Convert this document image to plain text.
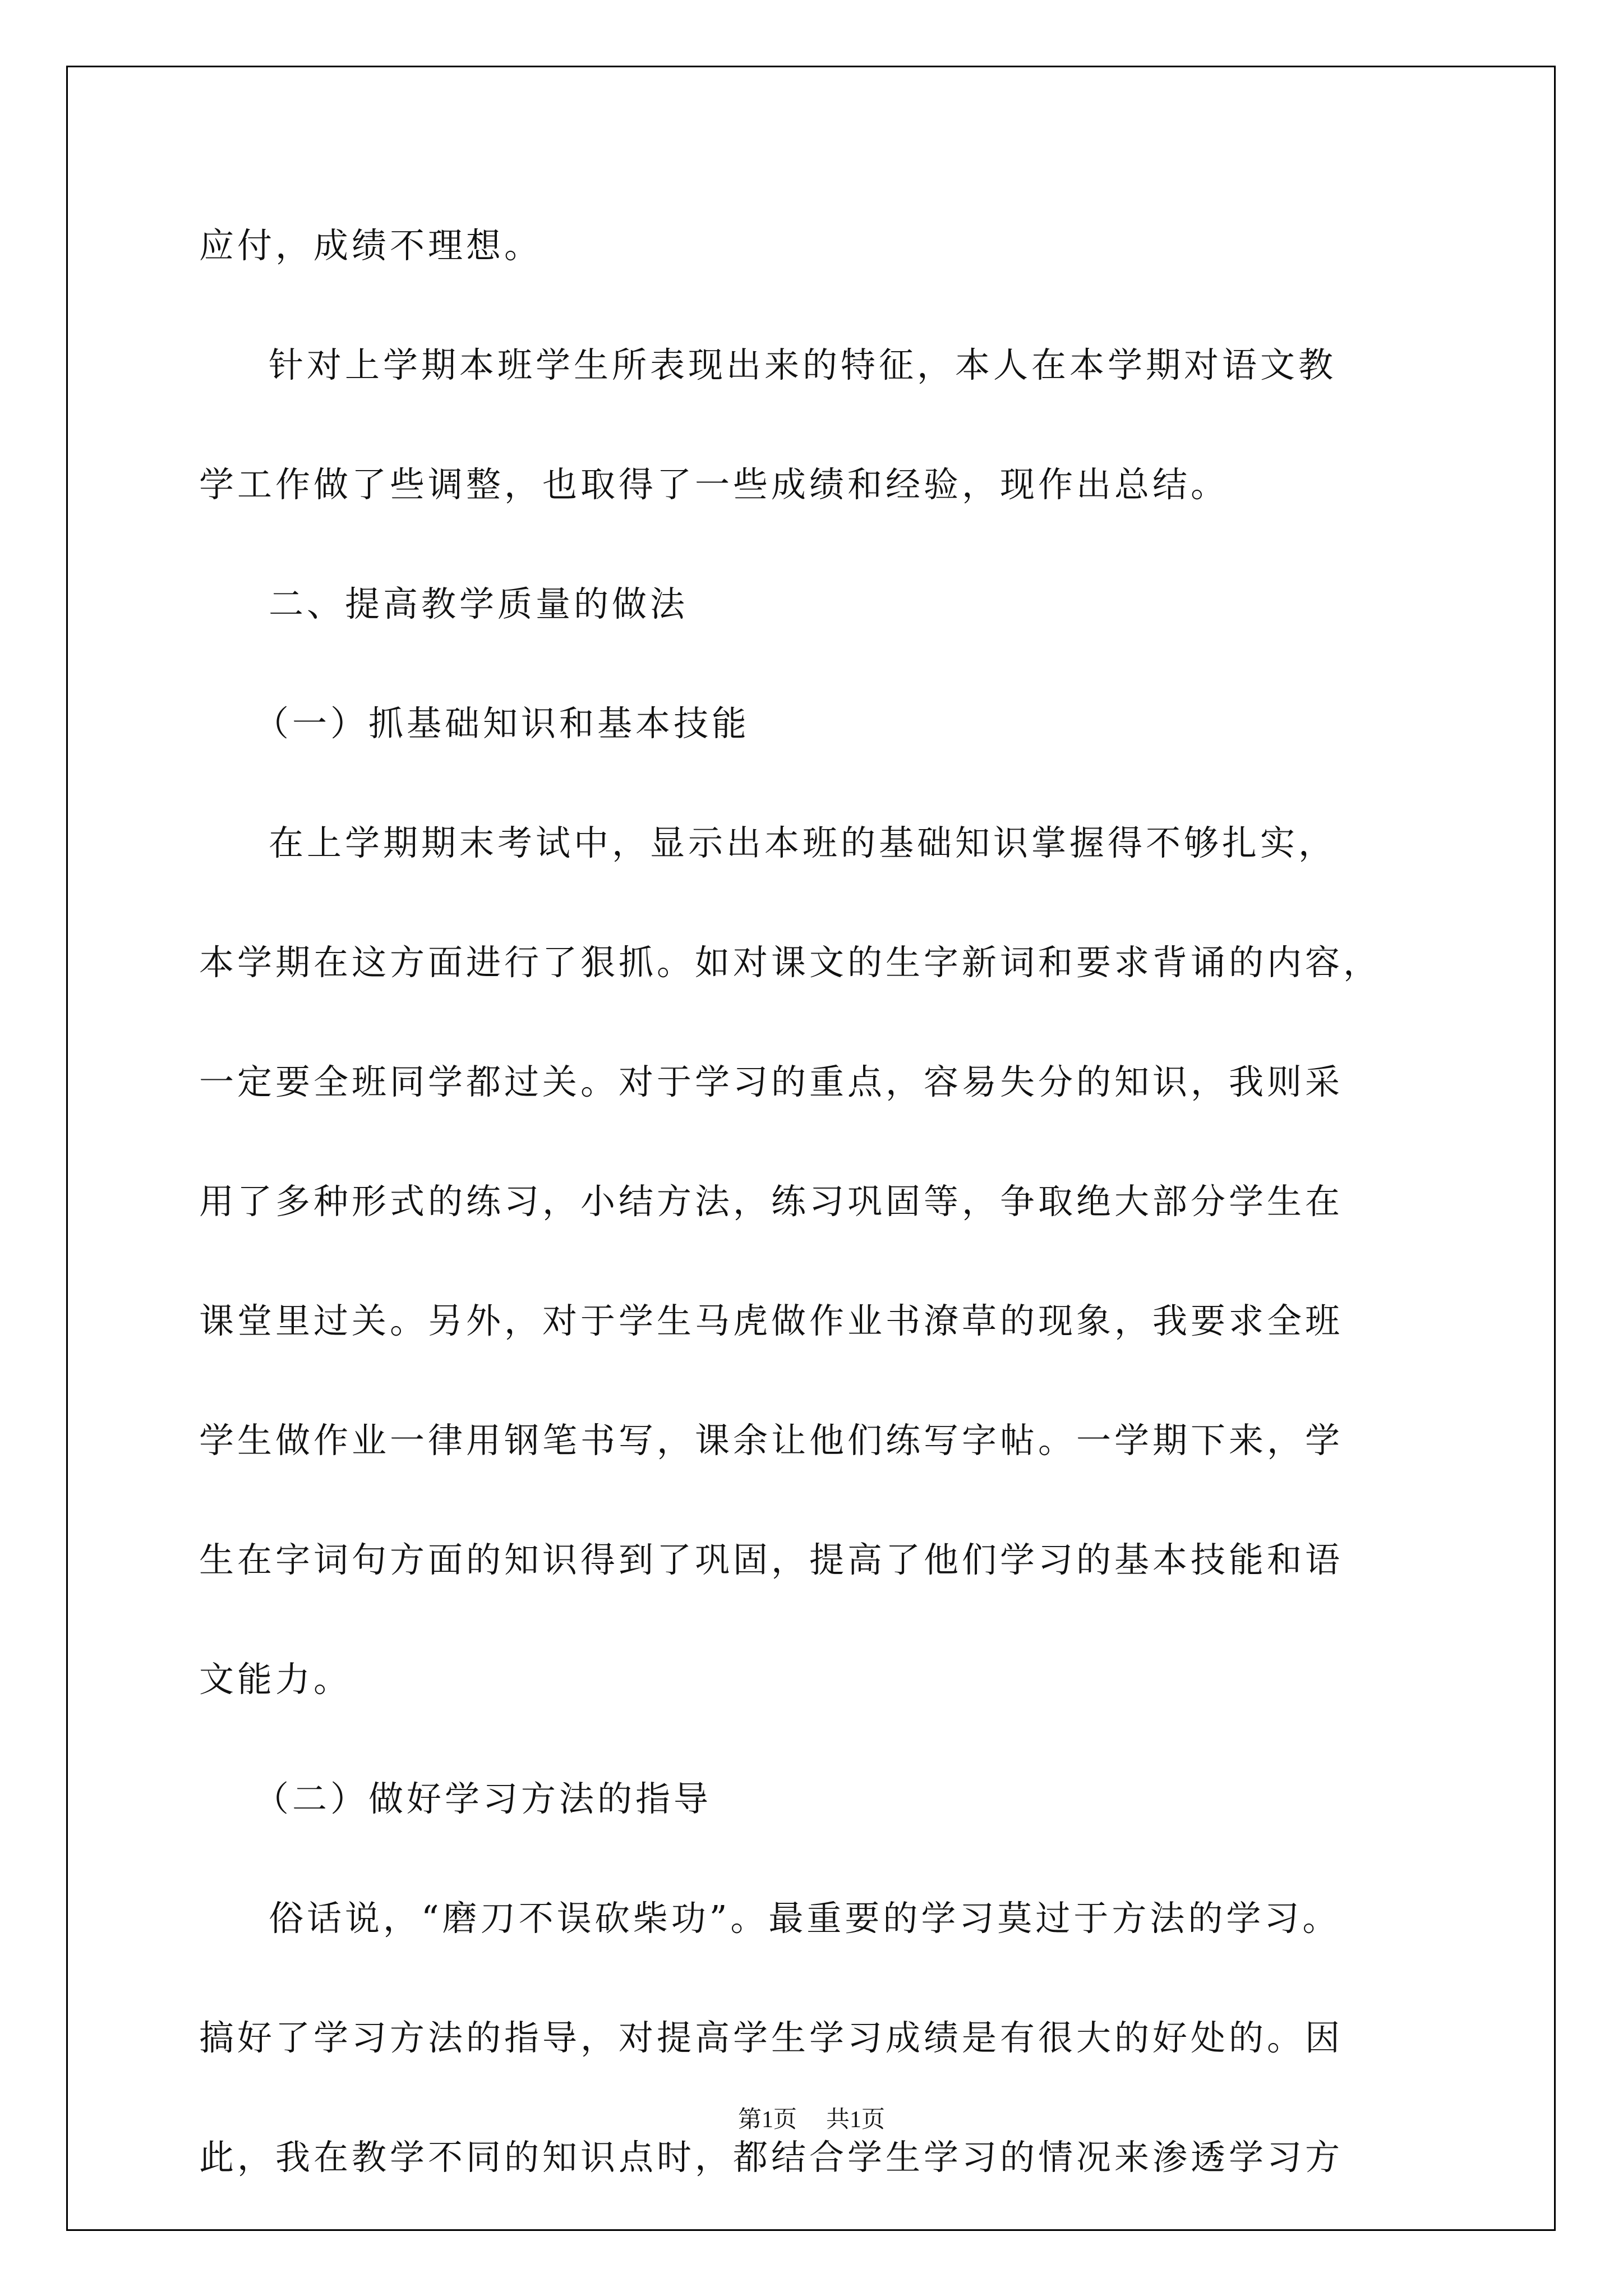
应付，成绩不理想。
针对上学期本班学生所表现出来的特征，本人在本学期对语文教
学工作做了些调整，也取得了一些成绩和经验，现作出总结。
二、提高教学质量的做法
（一）抓基础知识和基本技能
在上学期期末考试中，显示出本班的基础知识掌握得不够扎实，
本学期在这方面进行了狠抓。如对课文的生字新词和要求背诵的内容，
一定要全班同学都过关。对于学习的重点，容易失分的知识，我则采
用了多种形式的练习，小结方法，练习巩固等，争取绝大部分学生在
课堂里过关。另外，对于学生马虎做作业书潦草的现象，我要求全班
学生做作业一律用钢笔书写，课余让他们练写字帖。一学期下来，学
生在字词句方面的知识得到了巩固，提高了他们学习的基本技能和语
文能力。
（二）做好学习方法的指导
俗话说，“磨刀不误砍柴功”。最重要的学习莫过于方法的学习。
搞好了学习方法的指导，对提高学生学习成绩是有很大的好处的。因
此，我在教学不同的知识点时，都结合学生学习的情况来渗透学习方
第1页 共1页
